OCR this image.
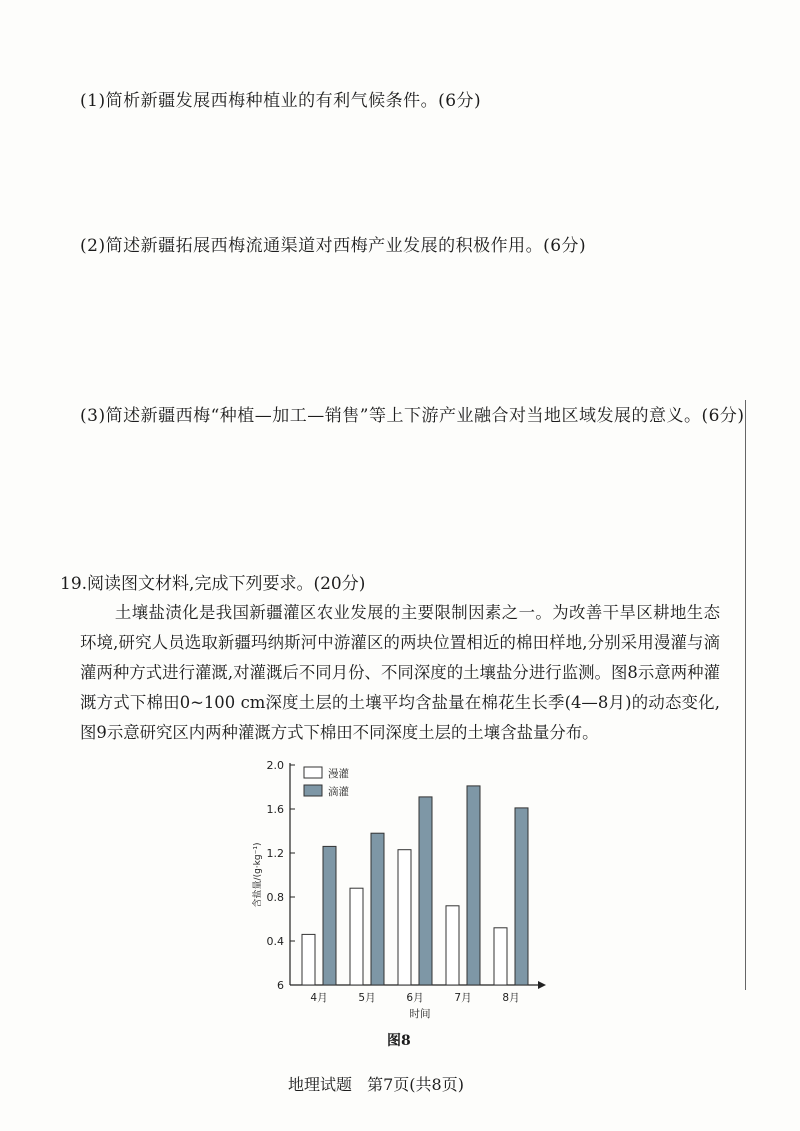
(1)简析新疆发展西梅种植业的有利气候条件。(6分)
(2)简述新疆拓展西梅流通渠道对西梅产业发展的积极作用。(6分)
(3)简述新疆西梅“种植—加工—销售”等上下游产业融合对当地区域发展的意义。(6分)
19.阅读图文材料,完成下列要求。(20分)

土壤盐渍化是我国新疆灌区农业发展的主要限制因素之一。为改善干旱区耕地生态环境,研究人员选取新疆玛纳斯河中游灌区的两块位置相近的棉田样地,分别采用漫灌与滴灌两种方式进行灌溉,对灌溉后不同月份、不同深度的土壤盐分进行监测。图8示意两种灌溉方式下棉田0~100 cm深度土层的土壤平均含盐量在棉花生长季(4—8月)的动态变化,图9示意研究区内两种灌溉方式下棉田不同深度土层的土壤含盐量分布。

6
0.4
0.8
1.2
1.6
2.0
含盐量/(g·kg⁻¹)
4月	5月	6月	7月	8月
时间
漫灌
滴灌
图8
地理试题 第7页(共8页)
